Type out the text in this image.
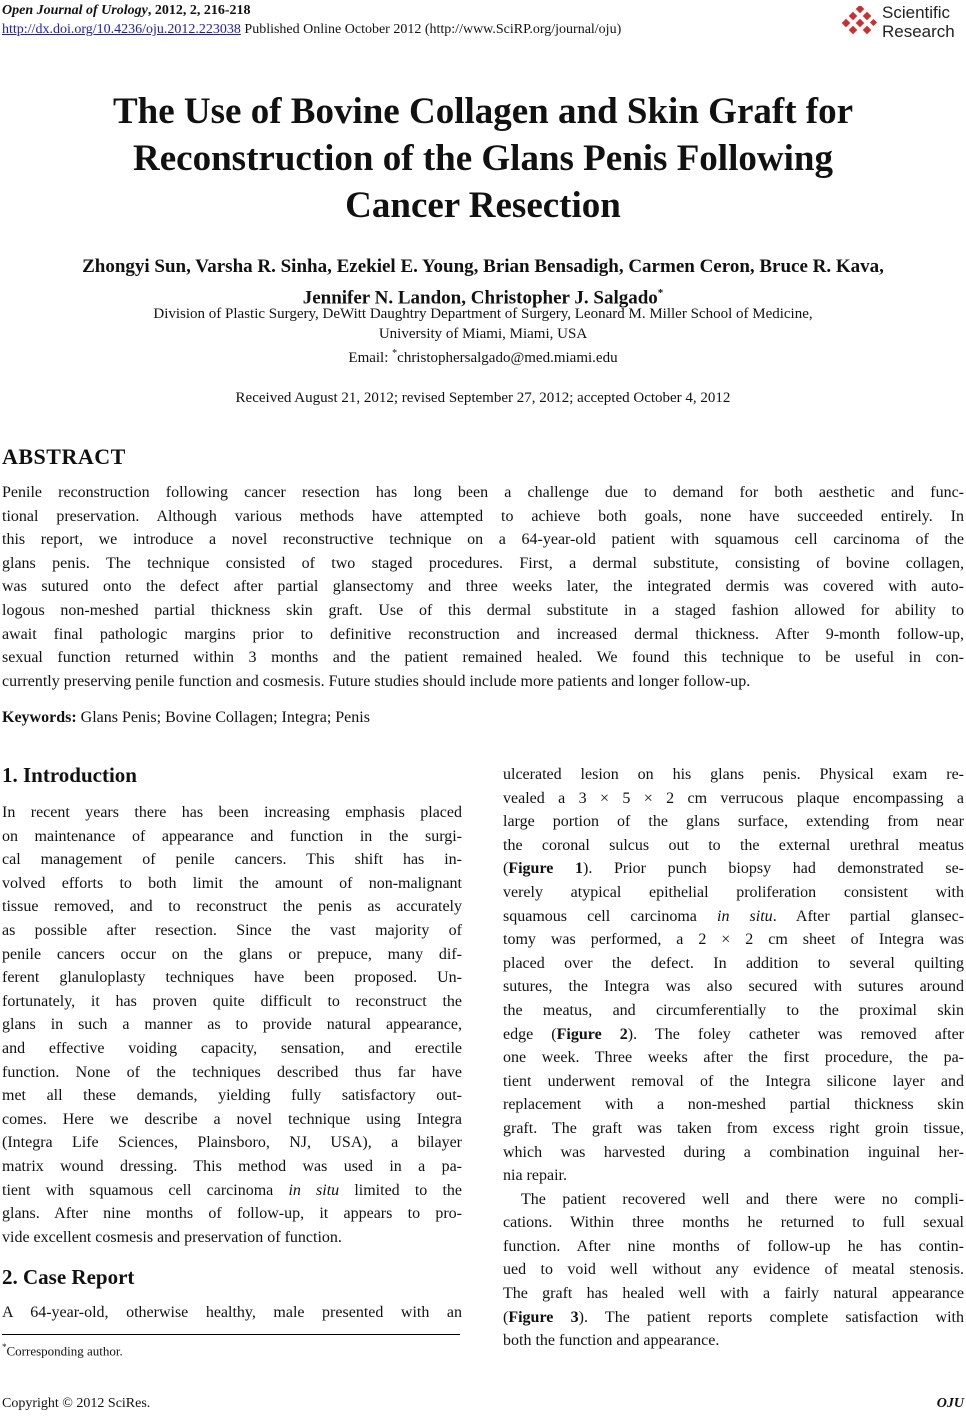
Open Journal of Urology, 2012, 2, 216-218
http://dx.doi.org/10.4236/oju.2012.223038 Published Online October 2012 (http://www.SciRP.org/journal/oju)
Scientific
Research
The Use of Bovine Collagen and Skin Graft for
Reconstruction of the Glans Penis Following
Cancer Resection
Zhongyi Sun, Varsha R. Sinha, Ezekiel E. Young, Brian Bensadigh, Carmen Ceron, Bruce R. Kava,
Jennifer N. Landon, Christopher J. Salgado*
Division of Plastic Surgery, DeWitt Daughtry Department of Surgery, Leonard M. Miller School of Medicine,
University of Miami, Miami, USA
Email: *christophersalgado@med.miami.edu
Received August 21, 2012; revised September 27, 2012; accepted October 4, 2012
ABSTRACT
Penile reconstruction following cancer resection has long been a challenge due to demand for both aesthetic and func-
tional preservation. Although various methods have attempted to achieve both goals, none have succeeded entirely. In
this report, we introduce a novel reconstructive technique on a 64-year-old patient with squamous cell carcinoma of the
glans penis. The technique consisted of two staged procedures. First, a dermal substitute, consisting of bovine collagen,
was sutured onto the defect after partial glansectomy and three weeks later, the integrated dermis was covered with auto-
logous non-meshed partial thickness skin graft. Use of this dermal substitute in a staged fashion allowed for ability to
await final pathologic margins prior to definitive reconstruction and increased dermal thickness. After 9-month follow-up,
sexual function returned within 3 months and the patient remained healed. We found this technique to be useful in con-
currently preserving penile function and cosmesis. Future studies should include more patients and longer follow-up.
Keywords: Glans Penis; Bovine Collagen; Integra; Penis
1. Introduction
In recent years there has been increasing emphasis placed
on maintenance of appearance and function in the surgi-
cal management of penile cancers. This shift has in-
volved efforts to both limit the amount of non-malignant
tissue removed, and to reconstruct the penis as accurately
as possible after resection. Since the vast majority of
penile cancers occur on the glans or prepuce, many dif-
ferent glanuloplasty techniques have been proposed. Un-
fortunately, it has proven quite difficult to reconstruct the
glans in such a manner as to provide natural appearance,
and effective voiding capacity, sensation, and erectile
function. None of the techniques described thus far have
met all these demands, yielding fully satisfactory out-
comes. Here we describe a novel technique using Integra
(Integra Life Sciences, Plainsboro, NJ, USA), a bilayer
matrix wound dressing. This method was used in a pa-
tient with squamous cell carcinoma in situ limited to the
glans. After nine months of follow-up, it appears to pro-
vide excellent cosmesis and preservation of function.
2. Case Report
A 64-year-old, otherwise healthy, male presented with an
ulcerated lesion on his glans penis. Physical exam re-
vealed a 3 × 5 × 2 cm verrucous plaque encompassing a
large portion of the glans surface, extending from near
the coronal sulcus out to the external urethral meatus
(Figure 1). Prior punch biopsy had demonstrated se-
verely atypical epithelial proliferation consistent with
squamous cell carcinoma in situ. After partial glansec-
tomy was performed, a 2 × 2 cm sheet of Integra was
placed over the defect. In addition to several quilting
sutures, the Integra was also secured with sutures around
the meatus, and circumferentially to the proximal skin
edge (Figure 2). The foley catheter was removed after
one week. Three weeks after the first procedure, the pa-
tient underwent removal of the Integra silicone layer and
replacement with a non-meshed partial thickness skin
graft. The graft was taken from excess right groin tissue,
which was harvested during a combination inguinal her-
nia repair.
The patient recovered well and there were no compli-
cations. Within three months he returned to full sexual
function. After nine months of follow-up he has contin-
ued to void well without any evidence of meatal stenosis.
The graft has healed well with a fairly natural appearance
(Figure 3). The patient reports complete satisfaction with
both the function and appearance.
*Corresponding author.
Copyright © 2012 SciRes.	OJU
